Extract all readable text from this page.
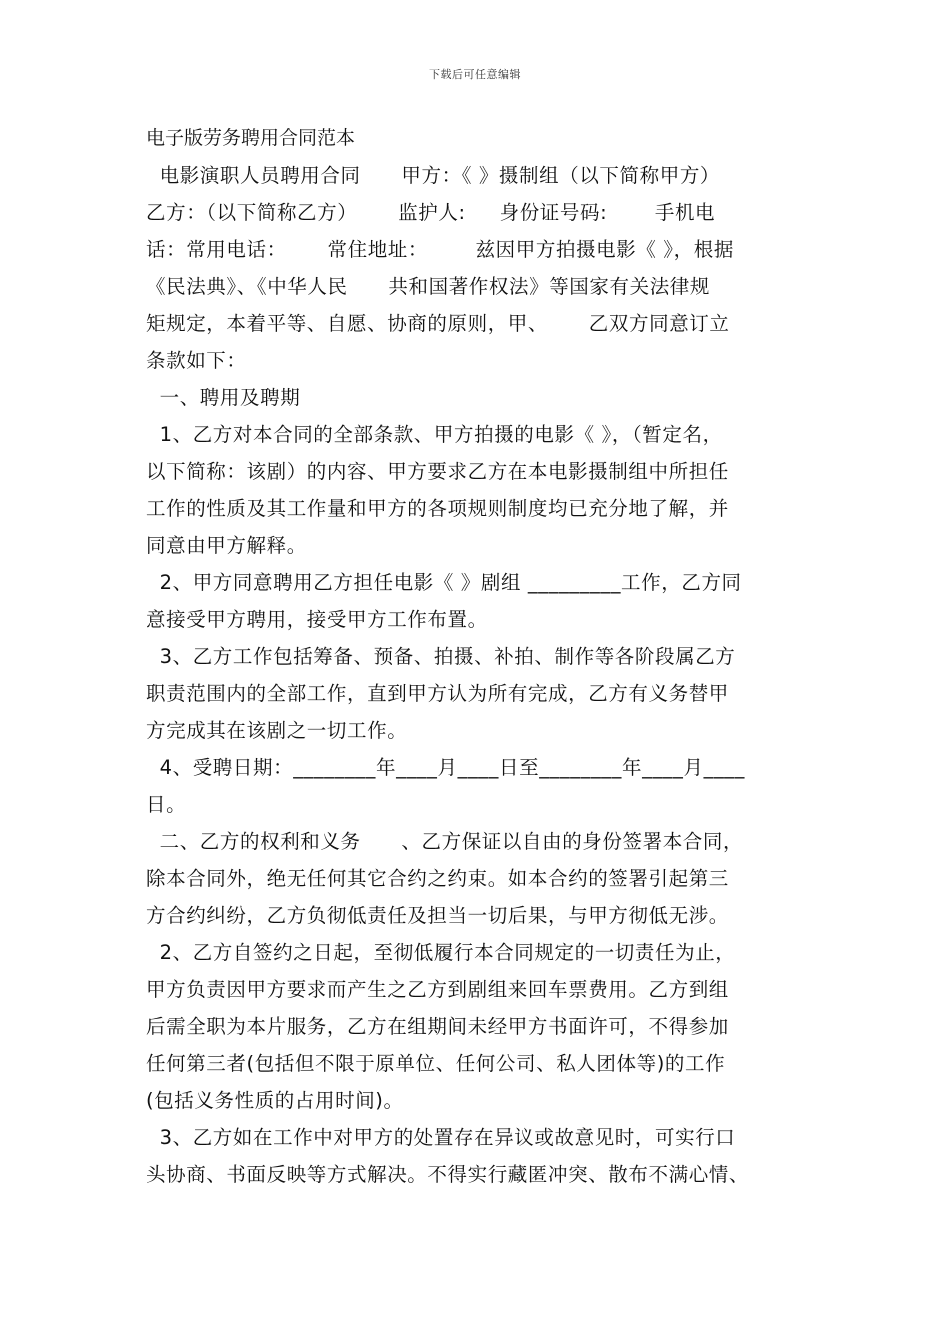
下载后可任意编辑
电子版劳务聘用合同范本
电影演职人员聘用合同      甲方：《 》摄制组（以下简称甲方）
乙方：（以下简称乙方）      监护人:     身份证号码:       手机电
话：常用电话：      常住地址：       兹因甲方拍摄电影《 》，根据
《民法典》、《中华人民      共和国著作权法》等国家有关法律规
矩规定，本着平等、自愿、协商的原则，甲、      乙双方同意订立
条款如下：
一、聘用及聘期
1、乙方对本合同的全部条款、甲方拍摄的电影《 》，（暂定名，
以下简称：该剧）的内容、甲方要求乙方在本电影摄制组中所担任
工作的性质及其工作量和甲方的各项规则制度均已充分地了解，并
同意由甲方解释。
2、甲方同意聘用乙方担任电影《 》剧组 _________工作，乙方同
意接受甲方聘用，接受甲方工作布置。
3、乙方工作包括筹备、预备、拍摄、补拍、制作等各阶段属乙方
职责范围内的全部工作，直到甲方认为所有完成，乙方有义务替甲
方完成其在该剧之一切工作。
4、受聘日期：________年____月____日至________年____月____
日。
二、乙方的权利和义务      、乙方保证以自由的身份签署本合同，
除本合同外，绝无任何其它合约之约束。如本合约的签署引起第三
方合约纠纷，乙方负彻低责任及担当一切后果，与甲方彻低无涉。
2、乙方自签约之日起，至彻低履行本合同规定的一切责任为止，
甲方负责因甲方要求而产生之乙方到剧组来回车票费用。乙方到组
后需全职为本片服务，乙方在组期间未经甲方书面许可，不得参加
任何第三者(包括但不限于原单位、任何公司、私人团体等)的工作
(包括义务性质的占用时间)。
3、乙方如在工作中对甲方的处置存在异议或故意见时，可实行口
头协商、书面反映等方式解决。不得实行藏匿冲突、散布不满心情、
